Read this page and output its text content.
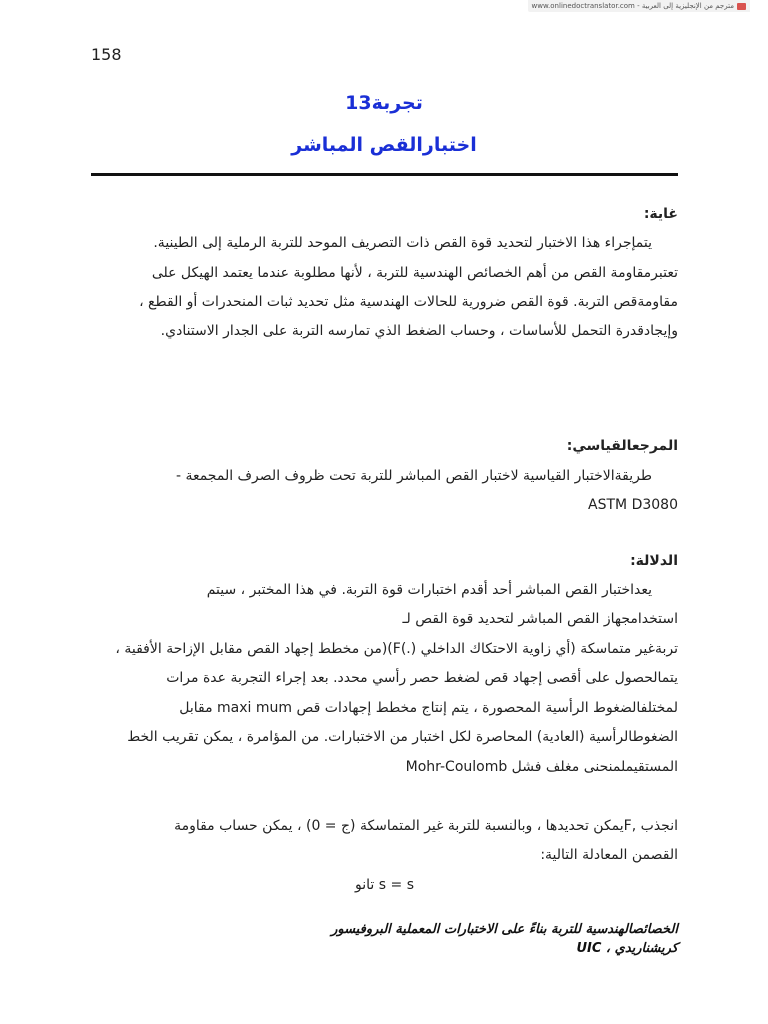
www.onlinedoctranslator.com - مترجم من الإنجليزية إلى العربية
158
تجربة13
اختبارالقص المباشر
غاية:
يتمإجراء هذا الاختبار لتحديد قوة القص ذات التصريف الموحد للتربة الرملية إلى الطينية.
تعتبرمقاومة القص من أهم الخصائص الهندسية للتربة ، لأنها مطلوبة عندما يعتمد الهيكل على
مقاومةقص التربة. قوة القص ضرورية للحالات الهندسية مثل تحديد ثبات المنحدرات أو القطع ،
وإيجادقدرة التحمل للأساسات ، وحساب الضغط الذي تمارسه التربة على الجدار الاستنادي.
المرجعالقياسي:
طريقةالاختبار القياسية لاختبار القص المباشر للتربة تحت ظروف الصرف المجمعة -
ASTM D3080
الدلالة:
يعداختبار القص المباشر أحد أقدم اختبارات قوة التربة. في هذا المختبر ، سيتم
استخدامجهاز القص المباشر لتحديد قوة القص لـ
تربةغير متماسكة (أي زاوية الاحتكاك الداخلي (.)F)(من مخطط إجهاد القص مقابل الإزاحة الأفقية ،
يتمالحصول على أقصى إجهاد قص لضغط حصر رأسي محدد. بعد إجراء التجربة عدة مرات
لمختلفالضغوط الرأسية المحصورة ، يتم إنتاج مخطط إجهادات قص maxi mum مقابل
الضغوطالرأسية (العادية) المحاصرة لكل اختبار من الاختبارات. من المؤامرة ، يمكن تقريب الخط
المستقيملمنحنى مغلف فشل Mohr-Coulomb
انجذب ,Fيمكن تحديدها ، وبالنسبة للتربة غير المتماسكة (ج = 0) ، يمكن حساب مقاومة
القصمن المعادلة التالية:
s = s تانو
الخصائصالهندسية للتربة بناءً على الاختبارات المعملية البروفيسور
كريشناريدي ، UIC
